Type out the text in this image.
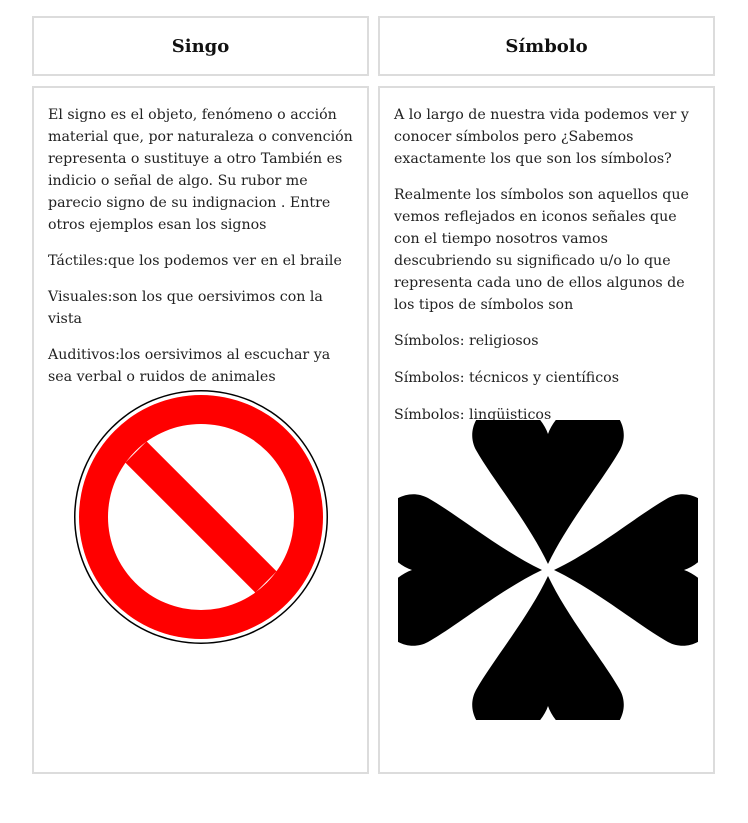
Singo	Símbolo

El signo es el objeto, fenómeno o acción material que, por naturaleza o convención representa o sustituye a otro También es indicio o señal de algo. Su rubor me parecio signo de su indignacion . Entre otros ejemplos esan los signos

Táctiles:que los podemos ver en el braile

Visuales:son los que oersivimos con la vista

Auditivos:los oersivimos al escuchar ya sea verbal o ruidos de animales

A lo largo de nuestra vida podemos ver y conocer símbolos pero ¿Sabemos exactamente los que son los símbolos?

Realmente los símbolos son aquellos que vemos reflejados en iconos señales que con el tiempo nosotros vamos descubriendo su significado u/o lo que representa cada uno de ellos algunos de los tipos de símbolos son

Símbolos: religiosos

Símbolos: técnicos y científicos

Símbolos: lingüisticos
